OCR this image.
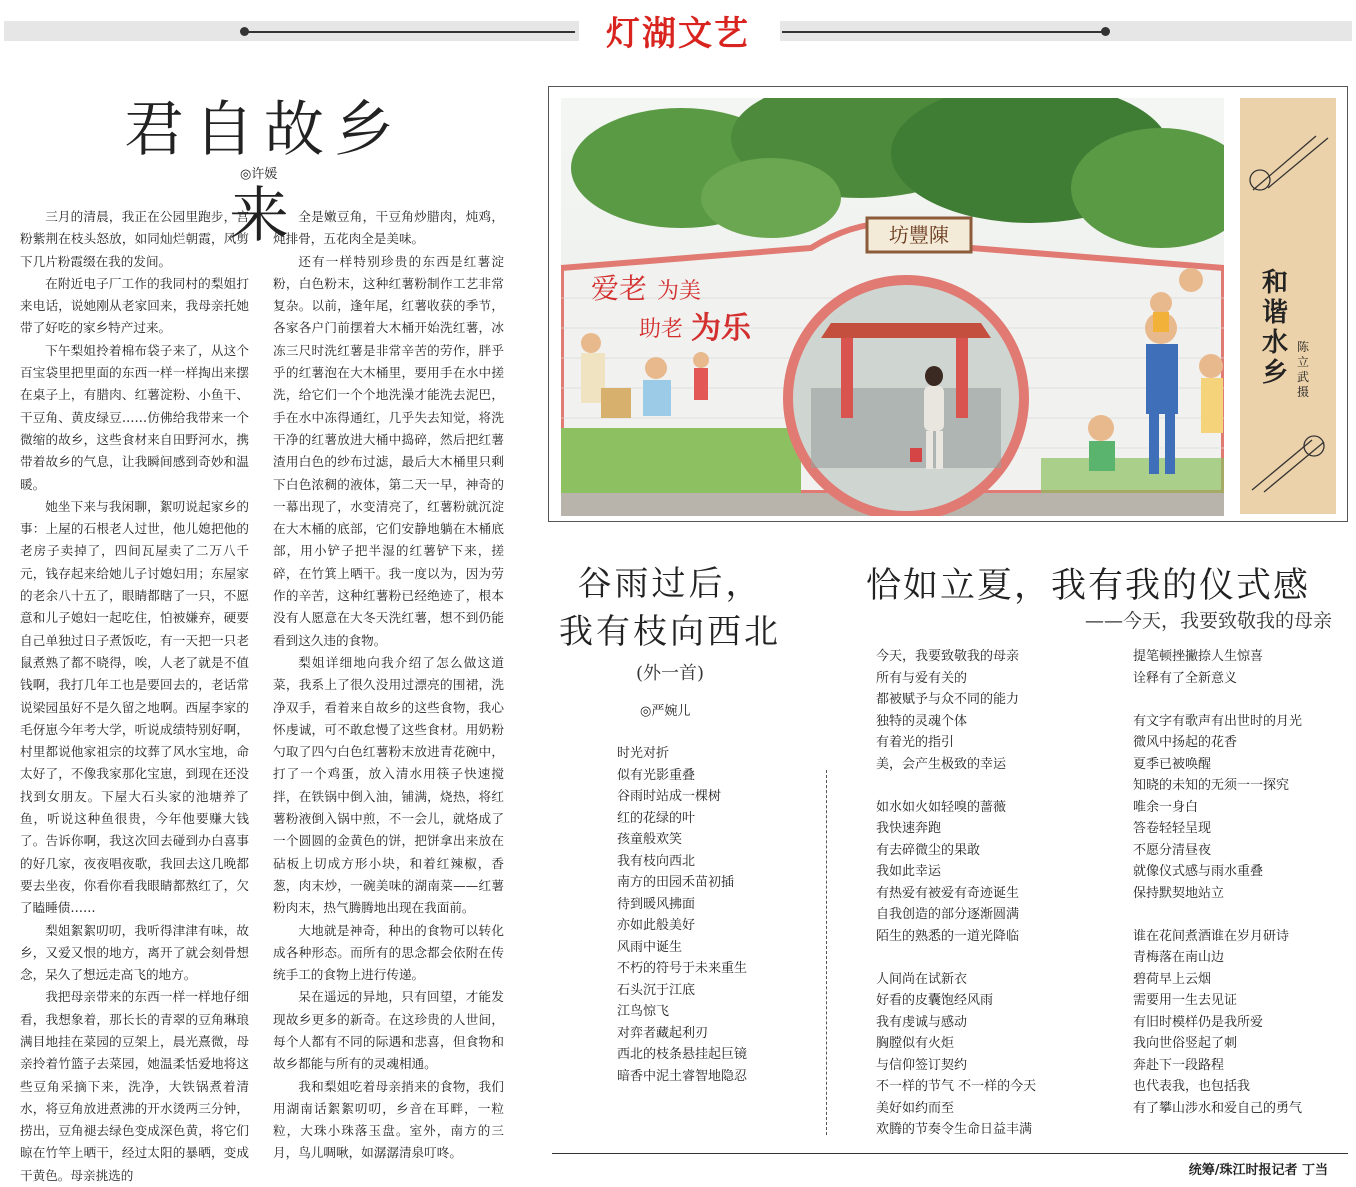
灯湖文艺
君自故乡来
◎许媛

三月的清晨，我正在公园里跑步，宫粉紫荆在枝头怒放，如同灿烂朝霞，风剪下几片粉霞缀在我的发间。

在附近电子厂工作的我同村的梨姐打来电话，说她刚从老家回来，我母亲托她带了好吃的家乡特产过来。

下午梨姐拎着棉布袋子来了，从这个百宝袋里把里面的东西一样一样掏出来摆在桌子上，有腊肉、红薯淀粉、小鱼干、干豆角、黄皮绿豆……仿佛给我带来一个微缩的故乡，这些食材来自田野河水，携带着故乡的气息，让我瞬间感到奇妙和温暖。

她坐下来与我闲聊，絮叨说起家乡的事：上屋的石根老人过世，他儿媳把他的老房子卖掉了，四间瓦屋卖了二万八千元，钱存起来给她儿子讨媳妇用；东屋家的老余八十五了，眼睛都瞎了一只，不愿意和儿子媳妇一起吃住，怕被嫌弃，硬要自己单独过日子煮饭吃，有一天把一只老鼠煮熟了都不晓得，唉，人老了就是不值钱啊，我打几年工也是要回去的，老话常说梁园虽好不是久留之地啊。西屋李家的毛伢崽今年考大学，听说成绩特别好啊，村里都说他家祖宗的坟葬了风水宝地，命太好了，不像我家那化宝崽，到现在还没找到女朋友。下屋大石头家的池塘养了鱼，听说这种鱼很贵，今年他要赚大钱了。告诉你啊，我这次回去碰到办白喜事的好几家，夜夜唱夜歌，我回去这几晚都要去坐夜，你看你看我眼睛都熬红了，欠了瞌睡债……

梨姐絮絮叨叨，我听得津津有味，故乡，又爱又恨的地方，离开了就会刻骨想念，呆久了想远走高飞的地方。

我把母亲带来的东西一样一样地仔细看，我想象着，那长长的青翠的豆角琳琅满目地挂在菜园的豆架上，晨光熹微，母亲拎着竹篮子去菜园，她温柔恬爱地将这些豆角采摘下来，洗净，大铁锅煮着清水，将豆角放进煮沸的开水烫两三分钟，捞出，豆角褪去绿色变成深色黄，将它们晾在竹竿上晒干，经过太阳的暴晒，变成干黄色。母亲挑选的

全是嫩豆角，干豆角炒腊肉，炖鸡，炖排骨，五花肉全是美味。

还有一样特别珍贵的东西是红薯淀粉，白色粉末，这种红薯粉制作工艺非常复杂。以前，逢年尾，红薯收获的季节，各家各户门前摆着大木桶开始洗红薯，冰冻三尺时洗红薯是非常辛苦的劳作，胖乎乎的红薯泡在大木桶里，要用手在水中搓洗，给它们一个个地洗澡才能洗去泥巴，手在水中冻得通红，几乎失去知觉，将洗干净的红薯放进大桶中捣碎，然后把红薯渣用白色的纱布过滤，最后大木桶里只剩下白色浓稠的液体，第二天一早，神奇的一幕出现了，水变清亮了，红薯粉就沉淀在大木桶的底部，它们安静地躺在木桶底部，用小铲子把半湿的红薯铲下来，搓碎，在竹箕上晒干。我一度以为，因为劳作的辛苦，这种红薯粉已经绝迹了，根本没有人愿意在大冬天洗红薯，想不到仍能看到这久违的食物。

梨姐详细地向我介绍了怎么做这道菜，我系上了很久没用过漂亮的围裙，洗净双手，看着来自故乡的这些食物，我心怀虔诚，可不敢怠慢了这些食材。用奶粉勺取了四勺白色红薯粉末放进青花碗中，打了一个鸡蛋，放入清水用筷子快速搅拌，在铁锅中倒入油，铺满，烧热，将红薯粉液倒入锅中煎，不一会儿，就烙成了一个圆圆的金黄色的饼，把饼拿出来放在砧板上切成方形小块，和着红辣椒，香葱，肉末炒，一碗美味的湖南菜——红薯粉肉末，热气腾腾地出现在我面前。

大地就是神奇，种出的食物可以转化成各种形态。而所有的思念都会依附在传统手工的食物上进行传递。

呆在遥远的异地，只有回望，才能发现故乡更多的新奇。在这珍贵的人世间，每个人都有不同的际遇和悲喜，但食物和故乡都能与所有的灵魂相通。

我和梨姐吃着母亲捎来的食物，我们用湖南话絮絮叨叨，乡音在耳畔，一粒粒，大珠小珠落玉盘。室外，南方的三月，鸟儿啁啾，如潺潺清泉叮咚。

坊豐陳
爱老 为美
助老 为乐
和谐水乡
陈立武摄
谷雨过后，
我有枝向西北
(外一首)
◎严婉儿
时光对折
似有光影重叠
谷雨时站成一棵树
红的花绿的叶
孩童般欢笑
我有枝向西北
南方的田园禾苗初插
待到暖风拂面
亦如此般美好
风雨中诞生
不朽的符号于未来重生
石头沉于江底
江鸟惊飞
对弈者藏起利刃
西北的枝条悬挂起巨镜
暗香中泥土睿智地隐忍
恰如立夏，我有我的仪式感
——今天，我要致敬我的母亲
今天，我要致敬我的母亲
所有与爱有关的
都被赋予与众不同的能力
独特的灵魂个体
有着光的指引
美，会产生极致的幸运
如水如火如轻嗅的蔷薇
我快速奔跑
有去碎微尘的果敢
我如此幸运
有热爱有被爱有奇迹诞生
自我创造的部分逐渐圆满
陌生的熟悉的一道光降临
人间尚在试新衣
好看的皮囊饱经风雨
我有虔诚与感动
胸膛似有火炬
与信仰签订契约
不一样的节气 不一样的今天
美好如约而至
欢腾的节奏令生命日益丰满
提笔顿挫撇捺人生惊喜
诠释有了全新意义
有文字有歌声有出世时的月光
微风中扬起的花香
夏季已被唤醒
知晓的未知的无须一一探究
唯余一身白
答卷轻轻呈现
不愿分清昼夜
就像仪式感与雨水重叠
保持默契地站立
谁在花间煮酒谁在岁月研诗
青梅落在南山边
碧荷早上云烟
需要用一生去见证
有旧时模样仍是我所爱
我向世俗竖起了刺
奔赴下一段路程
也代表我，也包括我
有了攀山涉水和爱自己的勇气
统筹/珠江时报记者 丁当
